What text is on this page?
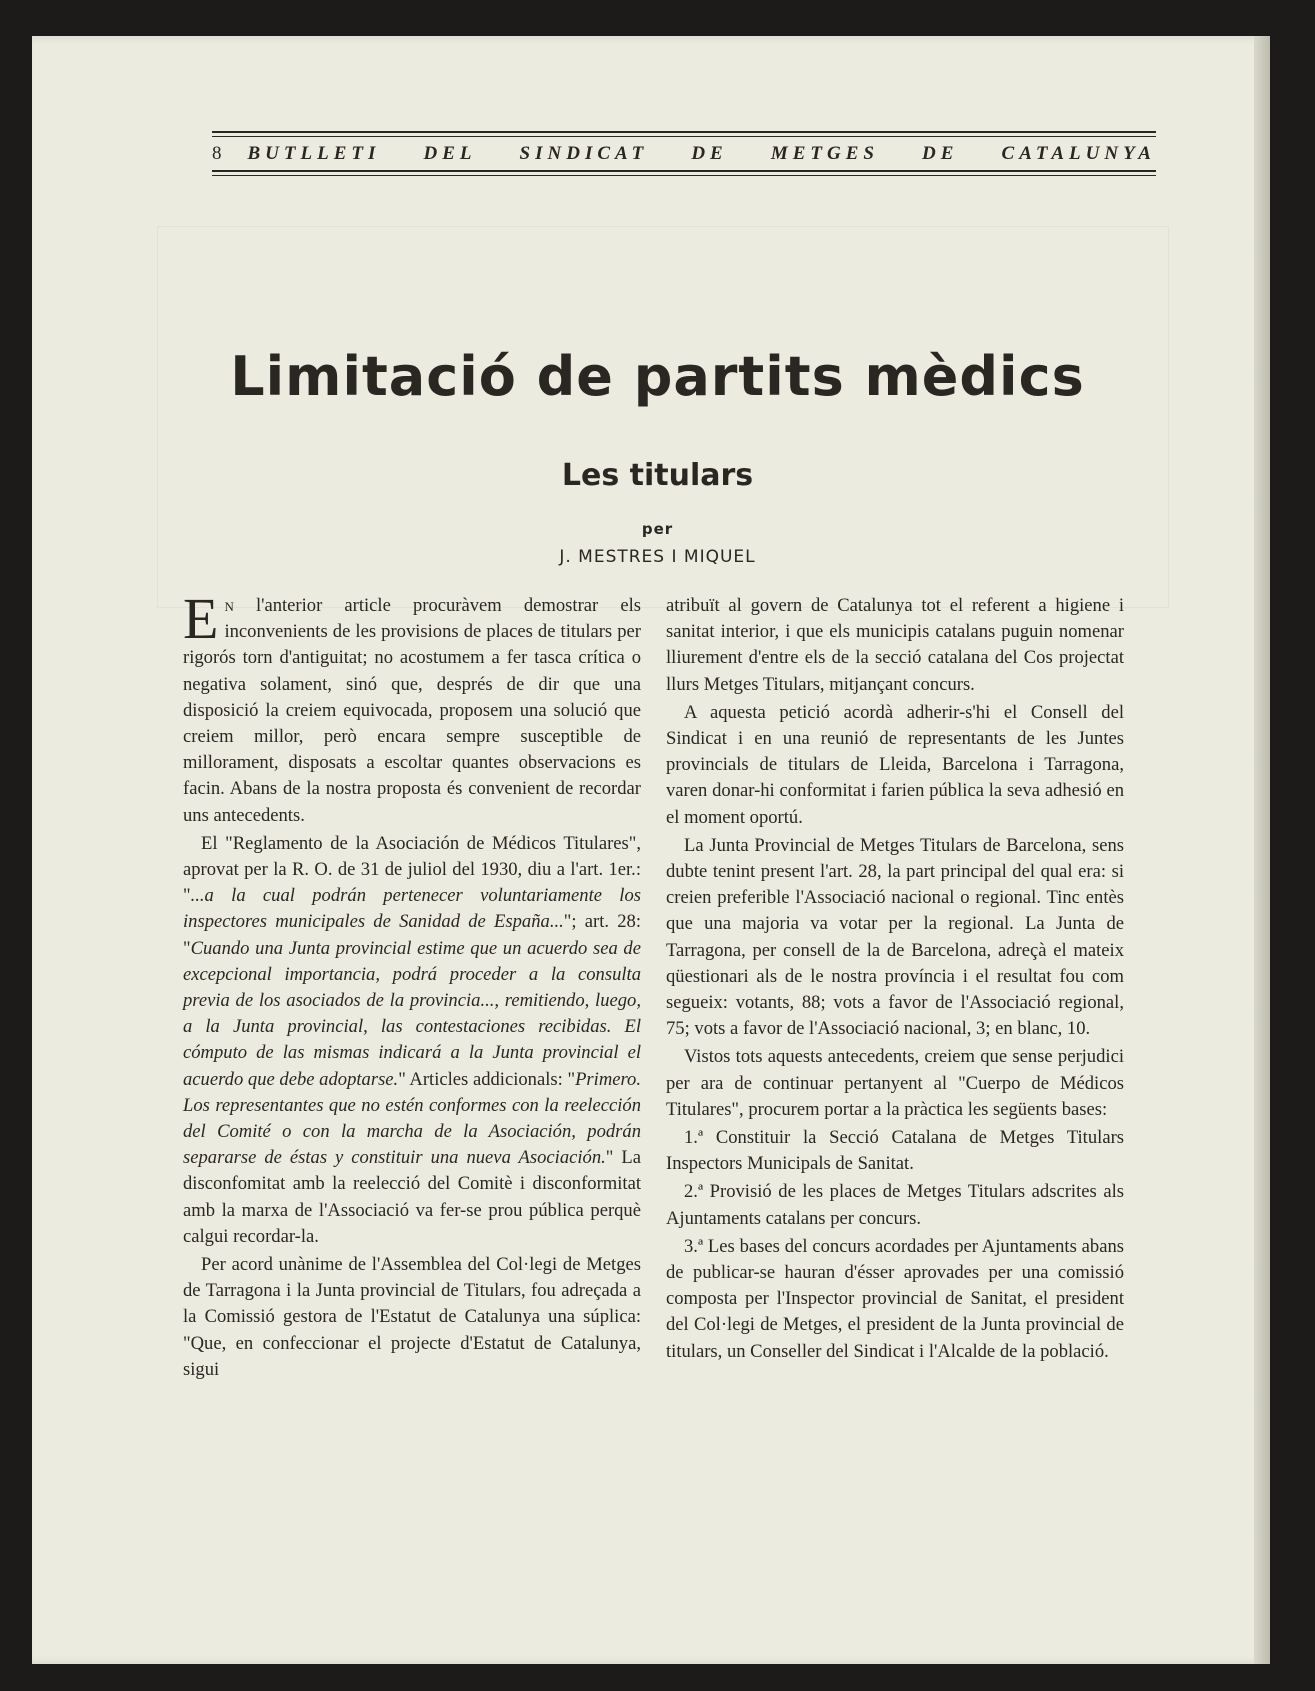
8 BUTLLETI DEL SINDICAT DE METGES DE CATALUNYA
Limitació de partits mèdics
Les titulars
per
J. MESTRES I MIQUEL

En l'anterior article procuràvem demostrar els inconvenients de les provisions de places de titulars per rigorós torn d'antiguitat; no acostumem a fer tasca crítica o negativa solament, sinó que, després de dir que una disposició la creiem equivocada, proposem una solució que creiem millor, però encara sempre susceptible de millorament, disposats a escoltar quantes observacions es facin. Abans de la nostra proposta és convenient de recordar uns antecedents.

El "Reglamento de la Asociación de Médicos Titulares", aprovat per la R. O. de 31 de juliol del 1930, diu a l'art. 1er.: "...a la cual podrán pertenecer voluntariamente los inspectores municipales de Sanidad de España..."; art. 28: "Cuando una Junta provincial estime que un acuerdo sea de excepcional importancia, podrá proceder a la consulta previa de los asociados de la provincia..., remitiendo, luego, a la Junta provincial, las contestaciones recibidas. El cómputo de las mismas indicará a la Junta provincial el acuerdo que debe adoptarse." Articles addicionals: "Primero. Los representantes que no estén conformes con la reelección del Comité o con la marcha de la Asociación, podrán separarse de éstas y constituir una nueva Asociación." La disconfomitat amb la reelecció del Comitè i disconformitat amb la marxa de l'Associació va fer-se prou pública perquè calgui recordar-la.

Per acord unànime de l'Assemblea del Col·legi de Metges de Tarragona i la Junta provincial de Titulars, fou adreçada a la Comissió gestora de l'Estatut de Catalunya una súplica: "Que, en confeccionar el projecte d'Estatut de Catalunya, sigui

atribuït al govern de Catalunya tot el referent a higiene i sanitat interior, i que els municipis catalans puguin nomenar lliurement d'entre els de la secció catalana del Cos projectat llurs Metges Titulars, mitjançant concurs.

A aquesta petició acordà adherir-s'hi el Consell del Sindicat i en una reunió de representants de les Juntes provincials de titulars de Lleida, Barcelona i Tarragona, varen donar-hi conformitat i farien pública la seva adhesió en el moment oportú.

La Junta Provincial de Metges Titulars de Barcelona, sens dubte tenint present l'art. 28, la part principal del qual era: si creien preferible l'Associació nacional o regional. Tinc entès que una majoria va votar per la regional. La Junta de Tarragona, per consell de la de Barcelona, adreçà el mateix qüestionari als de le nostra província i el resultat fou com segueix: votants, 88; vots a favor de l'Associació regional, 75; vots a favor de l'Associació nacional, 3; en blanc, 10.

Vistos tots aquests antecedents, creiem que sense perjudici per ara de continuar pertanyent al "Cuerpo de Médicos Titulares", procurem portar a la pràctica les següents bases:

1.ª Constituir la Secció Catalana de Metges Titulars Inspectors Municipals de Sanitat.

2.ª Provisió de les places de Metges Titulars adscrites als Ajuntaments catalans per concurs.

3.ª Les bases del concurs acordades per Ajuntaments abans de publicar-se hauran d'ésser aprovades per una comissió composta per l'Inspector provincial de Sanitat, el president del Col·legi de Metges, el president de la Junta provincial de titulars, un Conseller del Sindicat i l'Alcalde de la població.
